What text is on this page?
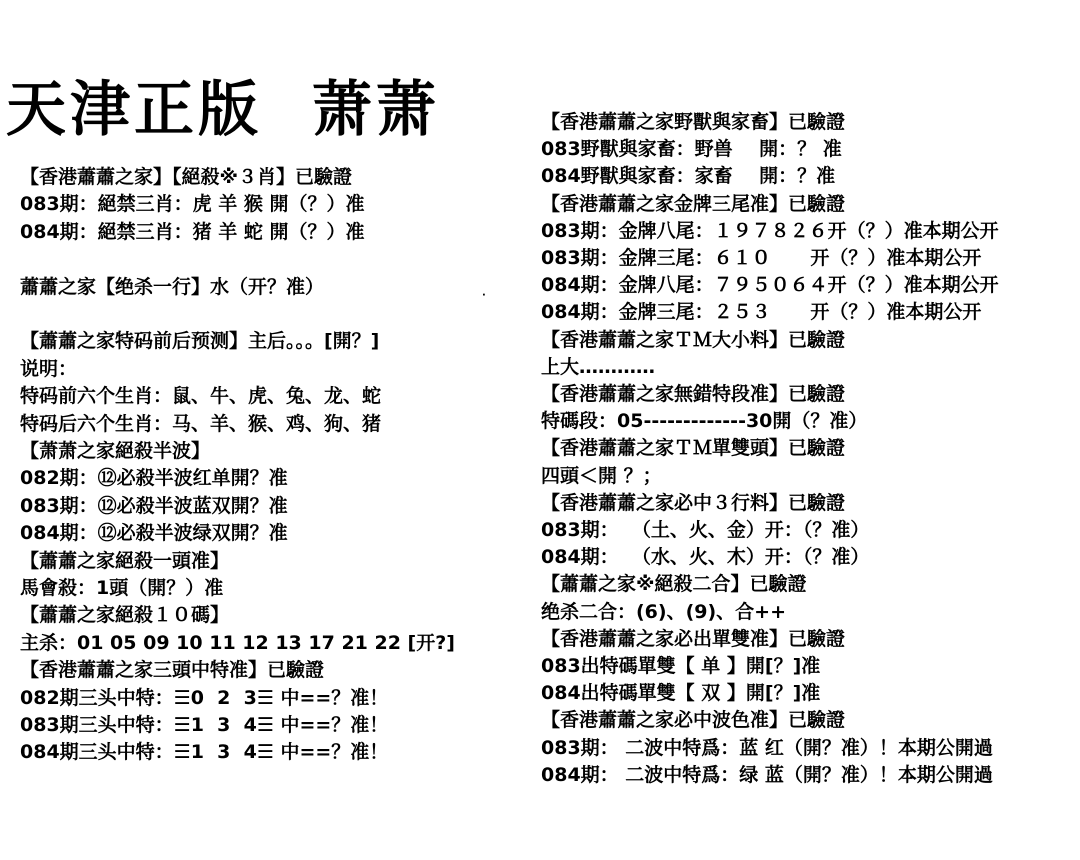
天津正版  萧萧
【香港蕭蕭之家】【絕殺※３肖】已驗證
083期：絕禁三肖：虎 羊 猴 開（？）准
084期：絕禁三肖：猪 羊 蛇 開（？）准
蕭蕭之家【绝杀一行】水（开？准）
【蕭蕭之家特码前后预测】主后。。。[開？]
说明：
特码前六个生肖：鼠、牛、虎、兔、龙、蛇
特码后六个生肖：马、羊、猴、鸡、狗、猪
【萧萧之家絕殺半波】
082期：⑫必殺半波红单開？准
083期：⑫必殺半波蓝双開？准
084期：⑫必殺半波绿双開？准
【蕭蕭之家絕殺一頭准】
馬會殺：1頭（開？）准
【蕭蕭之家絕殺１０碼】
主杀：01 05 09 10 11 12 13 17 21 22 [开?]
【香港蕭蕭之家三頭中特准】已驗證
082期三头中特：☰0  2  3☰ 中==？准！
083期三头中特：☰1  3  4☰ 中==？准！
084期三头中特：☰1  3  4☰ 中==？准！
【香港蕭蕭之家野獸與家畜】已驗證
083野獸與家畜：野兽    開：？ 准
084野獸與家畜：家畜    開：？准
【香港蕭蕭之家金牌三尾准】已驗證
083期：金牌八尾：１９７８２６开（？）准本期公开
083期：金牌三尾：６１０      开（？）准本期公开
084期：金牌八尾：７９５０６４开（？）准本期公开
084期：金牌三尾：２５３      开（？）准本期公开
【香港蕭蕭之家ＴＭ大小料】已驗證
上大…………
【香港蕭蕭之家無錯特段准】已驗證
特碼段：05-------------30開（？准）
【香港蕭蕭之家ＴＭ單雙頭】已驗證
四頭＜開 ？；
【香港蕭蕭之家必中３行料】已驗證
083期：  （土、火、金）开：（？准）
084期：  （水、火、木）开：（？准）
【蕭蕭之家※絕殺二合】已驗證
绝杀二合：(6)、(9)、合++
【香港蕭蕭之家必出單雙准】已驗證
083出特碼單雙【 单 】開[？]准
084出特碼單雙【 双 】開[？]准
【香港蕭蕭之家必中波色准】已驗證
083期： 二波中特爲：蓝 红（開？准）！本期公開過
084期： 二波中特爲：绿 蓝（開？准）！本期公開過
·
